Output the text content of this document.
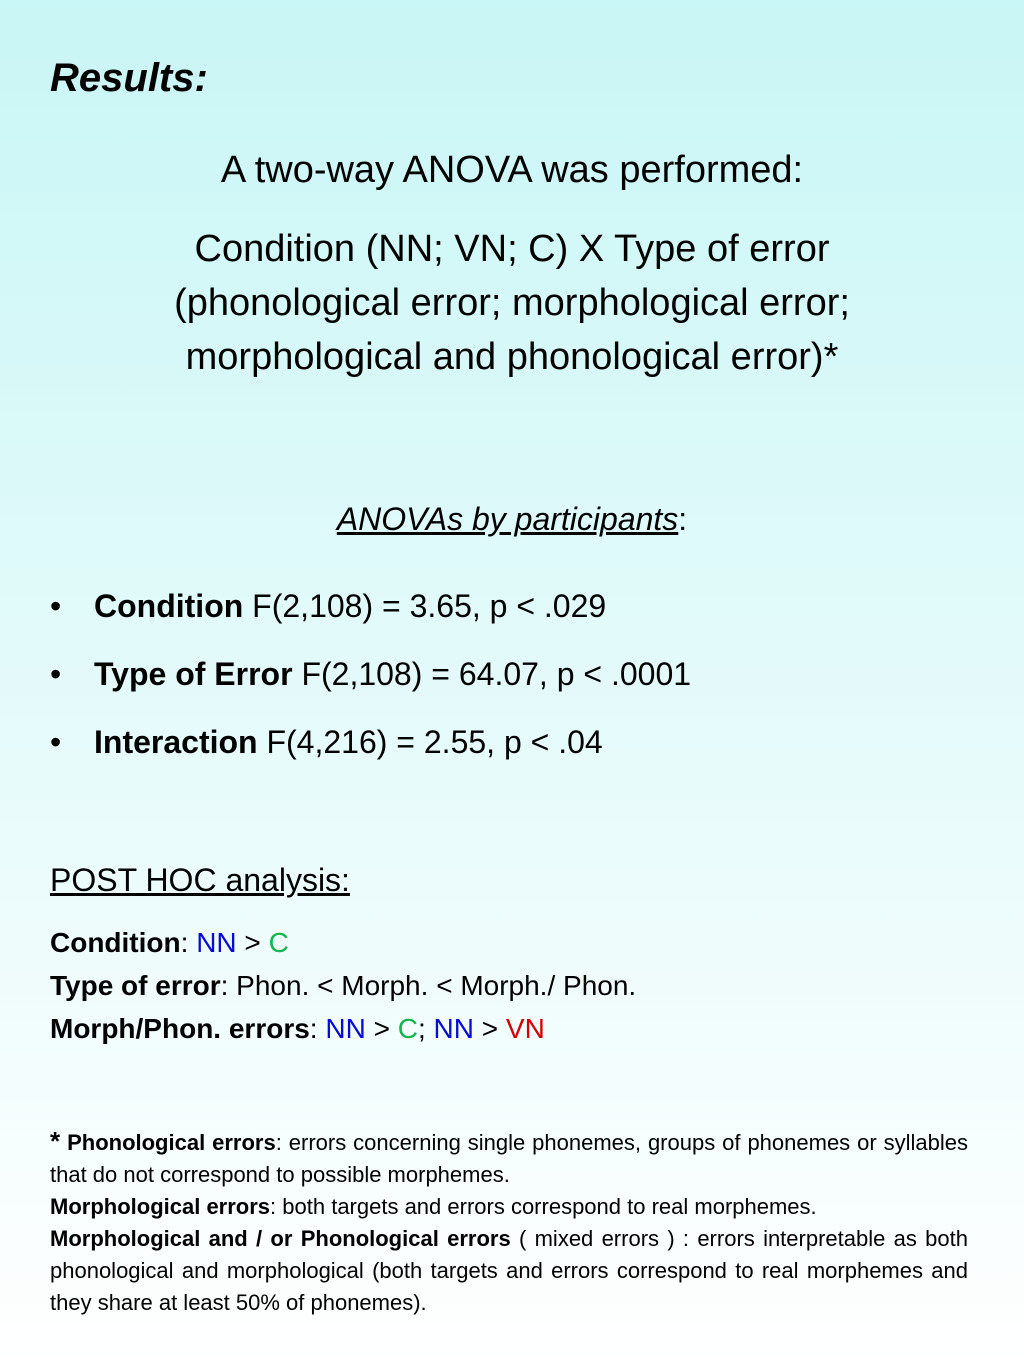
Results:

A two-way ANOVA was performed:

Condition (NN; VN; C) X Type of error
(phonological error; morphological error;
morphological and phonological error)*

ANOVAs by participants:

• Condition F(2,108) = 3.65, p < .029

• Type of Error F(2,108) = 64.07, p < .0001

• Interaction F(4,216) = 2.55, p < .04

POST HOC analysis:

Condition: NN > C

Type of error: Phon. < Morph. < Morph./ Phon.

Morph/Phon. errors: NN > C; NN > VN

* Phonological errors: errors concerning single phonemes, groups of phonemes or syllables that do not correspond to possible morphemes.

Morphological errors: both targets and errors correspond to real morphemes.

Morphological and / or Phonological errors ( mixed errors ) : errors interpretable as both phonological and morphological (both targets and errors correspond to real morphemes and they share at least 50% of phonemes).
